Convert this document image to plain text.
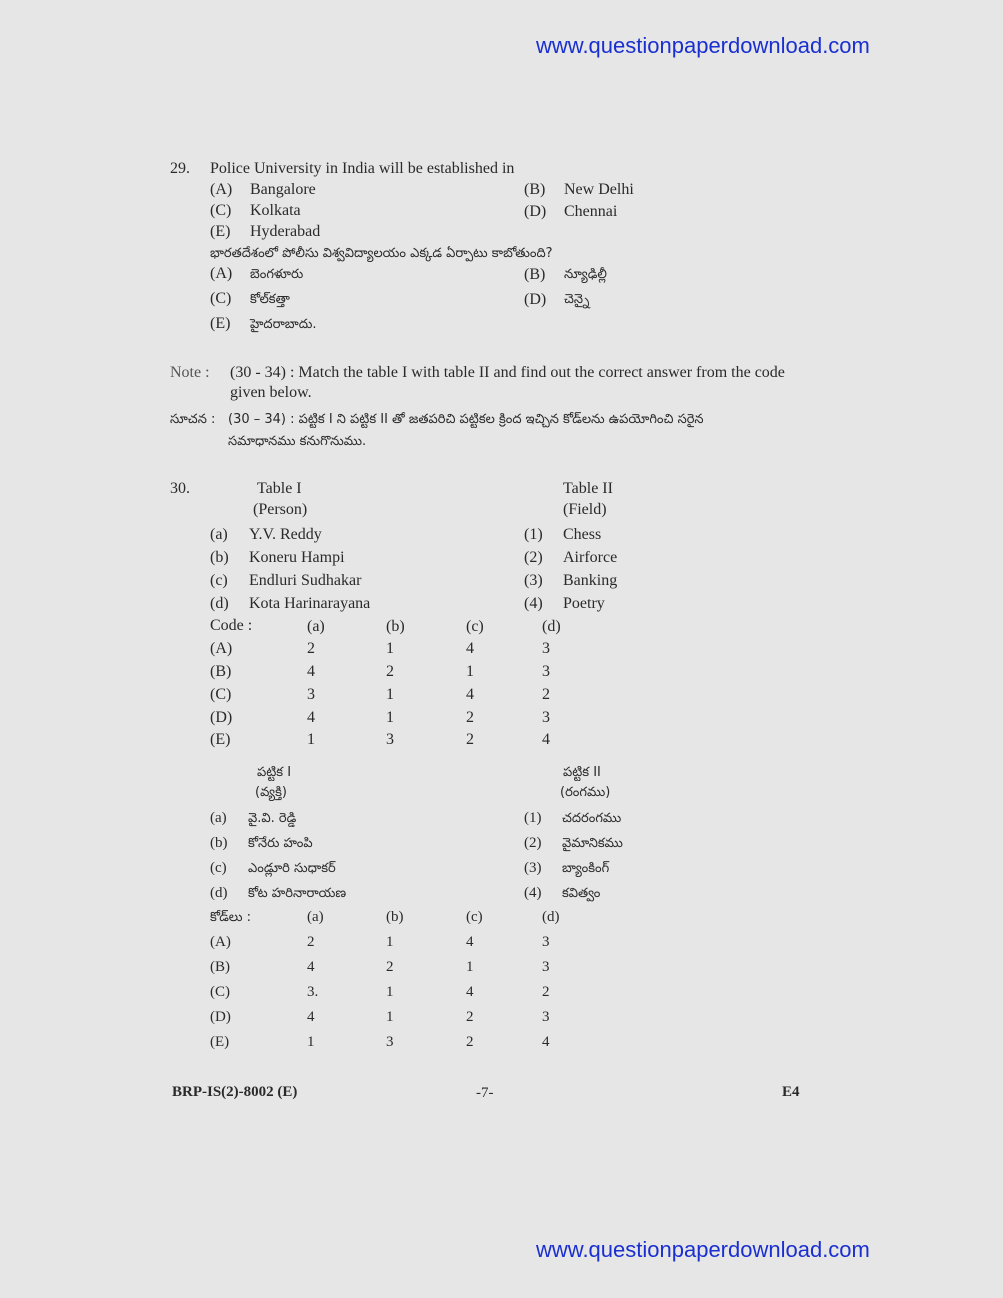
www.questionpaperdownload.com
www.questionpaperdownload.com
29. Police University in India will be established in
(A) Bangalore	(B) New Delhi
(C) Kolkata	(D) Chennai
(E) Hyderabad
భారతదేశంలో పోలీసు విశ్వవిద్యాలయం ఎక్కడ ఏర్పాటు కాబోతుంది?
(A) బెంగళూరు	(B) న్యూఢిల్లీ
(C) కోల్‌కత్తా	(D) చెన్నై
(E) హైదరాబాదు.
Note : (30 - 34) : Match the table I with table II and find out the correct answer from the code
given below.
సూచన : (30 – 34) : పట్టిక I ని పట్టిక II తో జతపరిచి పట్టికల క్రింద ఇచ్చిన కోడ్‌లను ఉపయోగించి సరైన
సమాధానము కనుగొనుము.
30.	Table I
(Person)
Table II
(Field)
(a) Y.V. Reddy	(1) Chess
(b) Koneru Hampi	(2) Airforce
(c) Endluri Sudhakar	(3) Banking
(d) Kota Harinarayana	(4) Poetry
Code :	(a)	(b)	(c)	(d)
(A)	2	1	4	3
(B)	4	2	1	3
(C)	3	1	4	2
(D)	4	1	2	3
(E)	1	3	2	4
పట్టిక I
(వ్యక్తి)
పట్టిక II
(రంగము)
(a) వై.వి. రెడ్డి	(1) చదరంగము
(b) కోనేరు హంపి	(2) వైమానికము
(c) ఎండ్లూరి సుధాకర్	(3) బ్యాంకింగ్
(d) కోట హరినారాయణ	(4) కవిత్వం
కోడ్‌లు :	(a)	(b)	(c)	(d)
(A)	2	1	4	3
(B)	4	2	1	3
(C)	3.	1	4	2
(D)	4	1	2	3
(E)	1	3	2	4
BRP-IS(2)-8002 (E)	-7-	E4
